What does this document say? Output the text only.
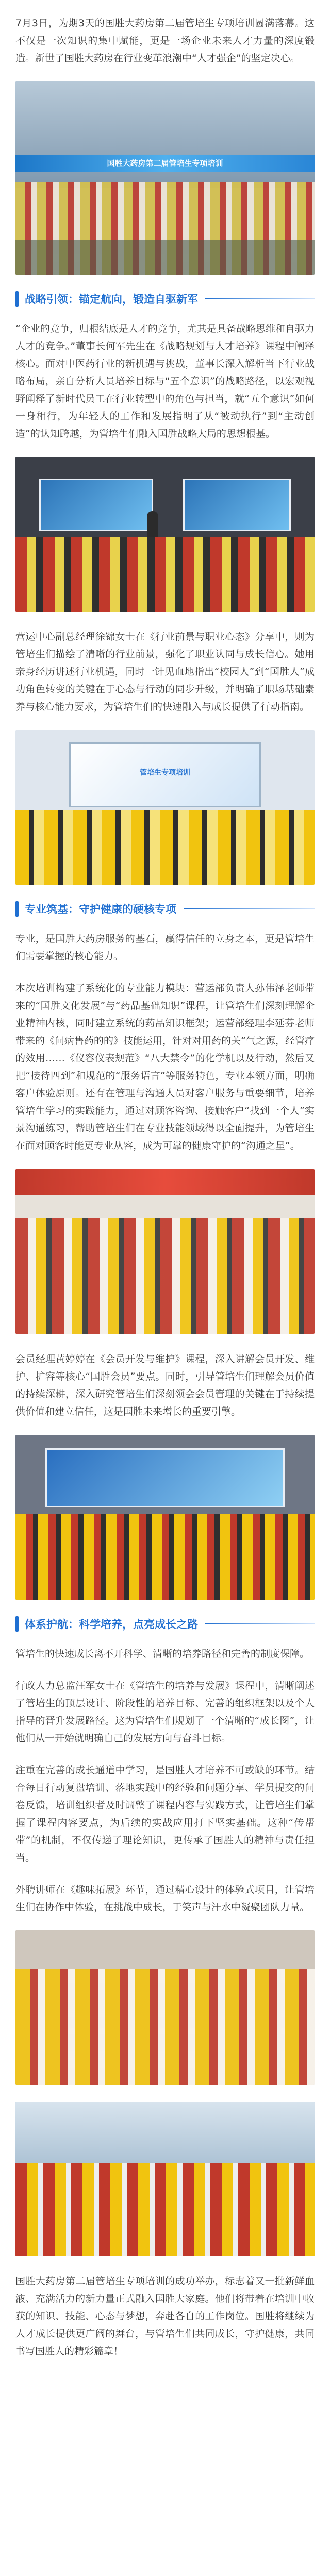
7月3日，为期3天的国胜大药房第二届管培生专项培训圆满落幕。这不仅是一次知识的集中赋能，更是一场企业未来人才力量的深度锻造。新世了国胜大药房在行业变革浪潮中“人才强企”的坚定决心。

国胜大药房第二届管培生专项培训
战略引领：锚定航向，锻造自驱新军

“企业的竞争，归根结底是人才的竞争，尤其是具备战略思维和自驱力人才的竞争。”董事长何军先生在《战略规划与人才培养》课程中阐释核心。面对中医药行业的新机遇与挑战，董事长深入解析当下行业战略布局，亲自分析人员培养目标与“五个意识”的战略路径，以宏观视野阐释了新时代员工在行业转型中的角色与担当，就“五个意识”如何一身相行，为年轻人的工作和发展指明了从“被动执行”到“主动创造”的认知跨越，为管培生们融入国胜战略大局的思想根基。

营运中心副总经理徐锦女士在《行业前景与职业心态》分享中，则为管培生们描绘了清晰的行业前景，强化了职业认同与成长信心。她用亲身经历讲述行业机遇，同时一针见血地指出“校园人”到“国胜人”成功角色转变的关键在于心态与行动的同步升级，并明确了职场基础素养与核心能力要求，为管培生们的快速融入与成长提供了行动指南。

管培生专项培训
专业筑基：守护健康的硬核专项

专业，是国胜大药房服务的基石，赢得信任的立身之本，更是管培生们需要掌握的核心能力。

本次培训构建了系统化的专业能力模块：营运部负责人孙伟泽老师带来的“国胜文化发展”与“药品基础知识”课程，让管培生们深刻理解企业精神内核，同时建立系统的药品知识框架；运营部经理李延芬老师带来的《问病售药的的》技能运用，针对对用药的关“气之源，经管疗的效用……《仪容仪表规范》“八大禁令”的化学机以及行动，然后又把“接待四到”和规范的“服务语言”等服务特色，专业本领方面，明确客户体验原则。还有在管理与沟通人员对客户服务与重要细节，培养管培生学习的实践能力，通过对顾客咨询、接触客户“找到一个人”实景沟通练习，帮助管培生们在专业技能领域得以全面提升，为管培生在面对顾客时能更专业从容，成为可靠的健康守护的“沟通之星”。

会员经理黄婷婷在《会员开发与维护》课程，深入讲解会员开发、维护、扩容等核心“国胜会员”要点。同时，引导管培生们理解会员价值的持续深耕，深入研究管培生们深刻领会会员管理的关键在于持续提供价值和建立信任，这是国胜未来增长的重要引擎。

体系护航：科学培养，点亮成长之路

管培生的快速成长离不开科学、清晰的培养路径和完善的制度保障。

行政人力总监汪军女士在《管培生的培养与发展》课程中，清晰阐述了管培生的顶层设计、阶段性的培养目标、完善的组织框架以及个人指导的晋升发展路径。这为管培生们规划了一个清晰的“成长图”，让他们从一开始就明确自己的发展方向与奋斗目标。

注重在完善的成长通道中学习，是国胜人才培养不可或缺的环节。结合每日行动复盘培训、落地实践中的经验和问题分享、学员提交的问卷反馈，培训组织者及时调整了课程内容与实践方式，让管培生们掌握了课程内容要点，为后续的实战应用打下坚实基础。这种“传帮带”的机制，不仅传递了理论知识，更传承了国胜人的精神与责任担当。

外聘讲师在《趣味拓展》环节，通过精心设计的体验式项目，让管培生们在协作中体验，在挑战中成长，于笑声与汗水中凝聚团队力量。

国胜大药房第二届管培生专项培训的成功举办，标志着又一批新鲜血液、充满活力的新力量正式融入国胜大家庭。他们将带着在培训中收获的知识、技能、心态与梦想，奔赴各自的工作岗位。国胜将继续为人才成长提供更广阔的舞台，与管培生们共同成长，守护健康，共同书写国胜人的精彩篇章！
